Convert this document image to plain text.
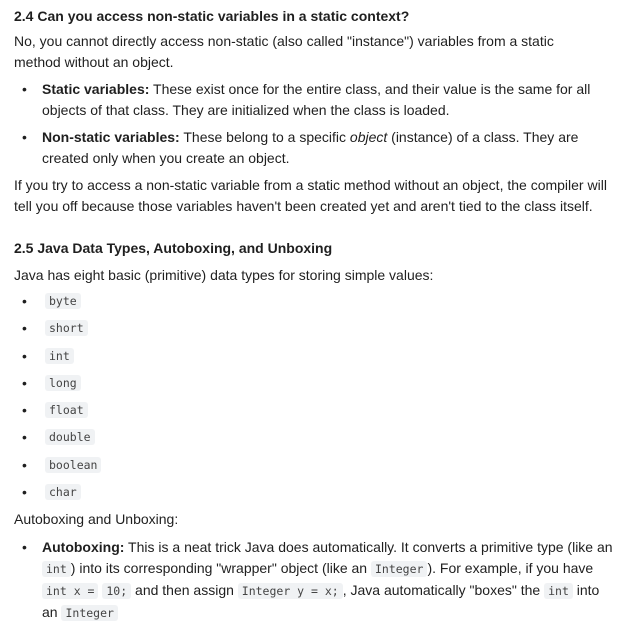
2.4 Can you access non-static variables in a static context?

No, you cannot directly access non-static (also called "instance") variables from a static method without an object.

• Static variables: These exist once for the entire class, and their value is the same for all objects of that class. They are initialized when the class is loaded.
• Non-static variables: These belong to a specific object (instance) of a class. They are created only when you create an object.

If you try to access a non-static variable from a static method without an object, the compiler will tell you off because those variables haven't been created yet and aren't tied to the class itself.

2.5 Java Data Types, Autoboxing, and Unboxing

Java has eight basic (primitive) data types for storing simple values:

• byte
• short
• int
• long
• float
• double
• boolean
• char

Autoboxing and Unboxing:

• Autoboxing: This is a neat trick Java does automatically. It converts a primitive type (like an int ) into its corresponding "wrapper" object (like an Integer ). For example, if you have int x = 10; and then assign Integer y = x; , Java automatically "boxes" the int into an Integer
